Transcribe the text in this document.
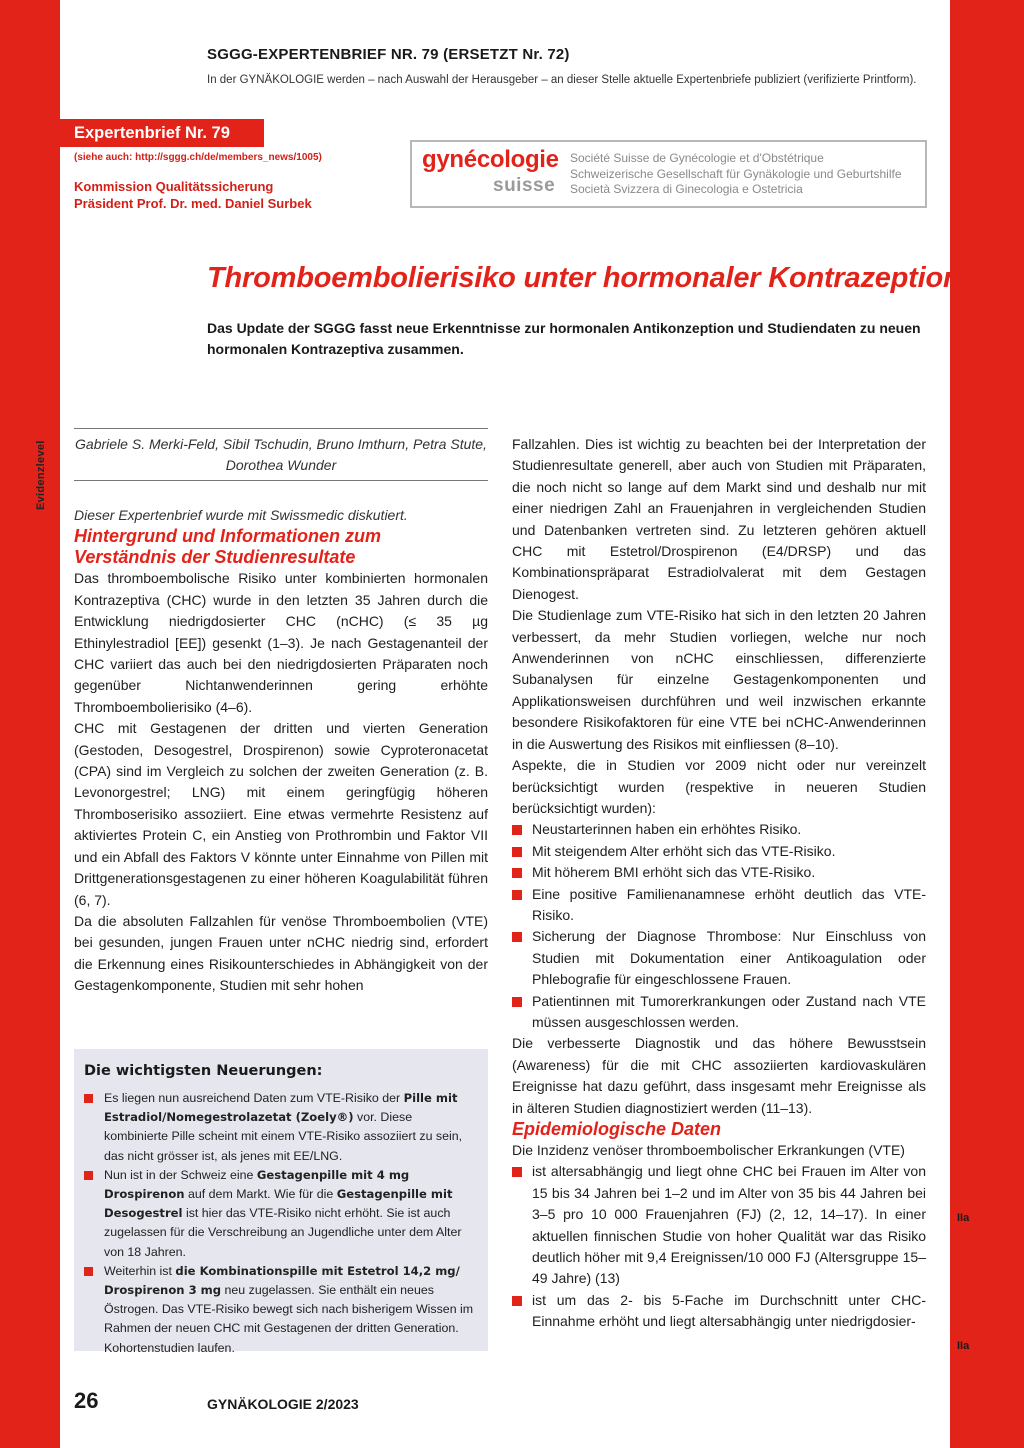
Evidenzlevel
SGGG-EXPERTENBRIEF NR. 79 (ERSETZT Nr. 72)
In der GYNÄKOLOGIE werden – nach Auswahl der Herausgeber – an dieser Stelle aktuelle Expertenbriefe publiziert (verifizierte Printform).
Expertenbrief Nr. 79
(siehe auch: http://sggg.ch/de/members_news/1005)
Kommission Qualitätssicherung
Präsident Prof. Dr. med. Daniel Surbek
gynécologie
suisse
Société Suisse de Gynécologie et d'Obstétrique
Schweizerische Gesellschaft für Gynäkologie und Geburtshilfe
Società Svizzera di Ginecologia e Ostetricia
Thromboembolierisiko unter hormonaler Kontrazeption
Das Update der SGGG fasst neue Erkenntnisse zur hormonalen Antikonzeption und Studiendaten zu neuen hormonalen Kontrazeptiva zusammen.
Gabriele S. Merki-Feld, Sibil Tschudin, Bruno Imthurn, Petra Stute, Dorothea Wunder

Dieser Expertenbrief wurde mit Swissmedic diskutiert.

Hintergrund und Informationen zum Verständnis der Studienresultate

Das thromboembolische Risiko unter kombinierten hormonalen Kontrazeptiva (CHC) wurde in den letzten 35 Jahren durch die Entwicklung niedrigdosierter CHC (nCHC) (≤ 35 µg Ethinylestradiol [EE]) gesenkt (1–3). Je nach Gestagenanteil der CHC variiert das auch bei den niedrigdosierten Präparaten noch gegenüber Nichtanwenderinnen gering erhöhte Thromboembolierisiko (4–6).

CHC mit Gestagenen der dritten und vierten Generation (Gestoden, Desogestrel, Drospirenon) sowie Cyproteronacetat (CPA) sind im Vergleich zu solchen der zweiten Generation (z. B. Levonorgestrel; LNG) mit einem geringfügig höheren Thromboserisiko assoziiert. Eine etwas vermehrte Resistenz auf aktiviertes Protein C, ein Anstieg von Prothrombin und Faktor VII und ein Abfall des Faktors V könnte unter Einnahme von Pillen mit Drittgenerationsgestagenen zu einer höheren Koagulabilität führen (6, 7).

Da die absoluten Fallzahlen für venöse Thromboembolien (VTE) bei gesunden, jungen Frauen unter nCHC niedrig sind, erfordert die Erkennung eines Risikounterschiedes in Abhängigkeit von der Gestagenkomponente, Studien mit sehr hohen

Die wichtigsten Neuerungen:

Es liegen nun ausreichend Daten zum VTE-Risiko der Pille mit Estradiol/Nomegestrolazetat (Zoely®) vor. Diese kombinierte Pille scheint mit einem VTE-Risiko assoziiert zu sein, das nicht grösser ist, als jenes mit EE/LNG.
Nun ist in der Schweiz eine Gestagenpille mit 4 mg Drospirenon auf dem Markt. Wie für die Gestagenpille mit Desogestrel ist hier das VTE-Risiko nicht erhöht. Sie ist auch zugelassen für die Verschreibung an Jugendliche unter dem Alter von 18 Jahren.
Weiterhin ist die Kombinationspille mit Estetrol 14,2 mg/ Drospirenon 3 mg neu zugelassen. Sie enthält ein neues Östrogen. Das VTE-Risiko bewegt sich nach bisherigem Wissen im Rahmen der neuen CHC mit Gestagenen der dritten Generation. Kohortenstudien laufen.

Fallzahlen. Dies ist wichtig zu beachten bei der Interpretation der Studienresultate generell, aber auch von Studien mit Präparaten, die noch nicht so lange auf dem Markt sind und deshalb nur mit einer niedrigen Zahl an Frauenjahren in vergleichenden Studien und Datenbanken vertreten sind. Zu letzteren gehören aktuell CHC mit Estetrol/Drospirenon (E4/DRSP) und das Kombinationspräparat Estradiolvalerat mit dem Gestagen Dienogest.

Die Studienlage zum VTE-Risiko hat sich in den letzten 20 Jahren verbessert, da mehr Studien vorliegen, welche nur noch Anwenderinnen von nCHC einschliessen, differenzierte Subanalysen für einzelne Gestagenkomponenten und Applikationsweisen durchführen und weil inzwischen erkannte besondere Risikofaktoren für eine VTE bei nCHC-Anwenderinnen in die Auswertung des Risikos mit einfliessen (8–10).

Aspekte, die in Studien vor 2009 nicht oder nur vereinzelt berücksichtigt wurden (respektive in neueren Studien berücksichtigt wurden):

Neustarterinnen haben ein erhöhtes Risiko.
Mit steigendem Alter erhöht sich das VTE-Risiko.
Mit höherem BMI erhöht sich das VTE-Risiko.
Eine positive Familienanamnese erhöht deutlich das VTE-Risiko.
Sicherung der Diagnose Thrombose: Nur Einschluss von Studien mit Dokumentation einer Antikoagulation oder Phlebografie für eingeschlossene Frauen.
Patientinnen mit Tumorerkrankungen oder Zustand nach VTE müssen ausgeschlossen werden.

Die verbesserte Diagnostik und das höhere Bewusstsein (Awareness) für die mit CHC assoziierten kardiovaskulären Ereignisse hat dazu geführt, dass insgesamt mehr Ereignisse als in älteren Studien diagnostiziert werden (11–13).

Epidemiologische Daten

Die Inzidenz venöser thromboembolischer Erkrankungen (VTE)

ist altersabhängig und liegt ohne CHC bei Frauen im Alter von 15 bis 34 Jahren bei 1–2 und im Alter von 35 bis 44 Jahren bei 3–5 pro 10 000 Frauenjahren (FJ) (2, 12, 14–17). In einer aktuellen finnischen Studie von hoher Qualität war das Risiko deutlich höher mit 9,4 Ereignissen/10 000 FJ (Altersgruppe 15–49 Jahre) (13)
ist um das 2- bis 5-Fache im Durchschnitt unter CHC-Einnahme erhöht und liegt altersabhängig unter niedrigdosier-
IIa
IIa
26	GYNÄKOLOGIE 2/2023
